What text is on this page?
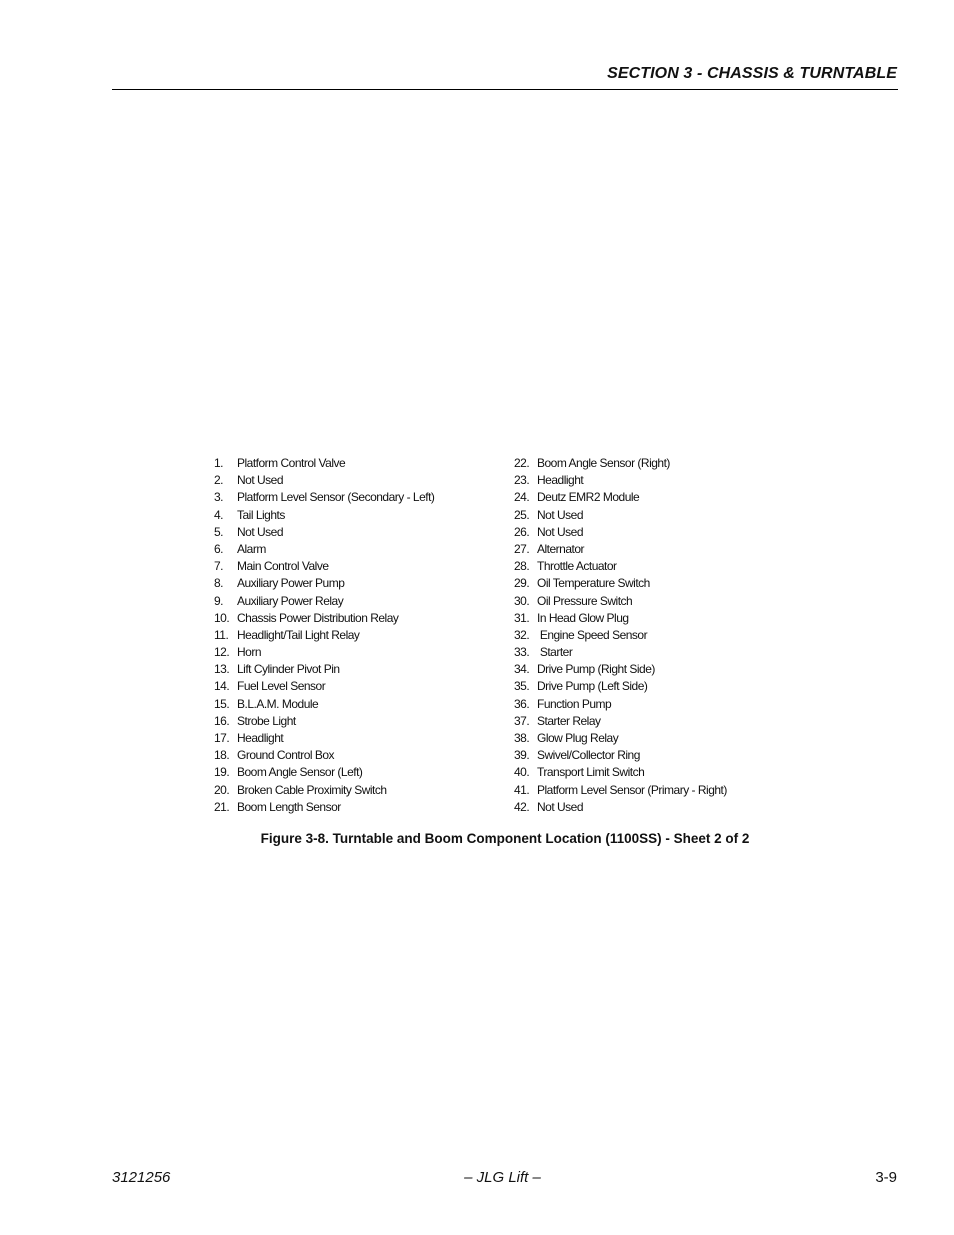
SECTION 3 - CHASSIS & TURNTABLE
1.	Platform Control Valve
2.	Not Used
3.	Platform Level Sensor (Secondary - Left)
4.	Tail Lights
5.	Not Used
6.	Alarm
7.	Main Control Valve
8.	Auxiliary Power Pump
9.	Auxiliary Power Relay
10. Chassis Power Distribution Relay
11. Headlight/Tail Light Relay
12. Horn
13. Lift Cylinder Pivot Pin
14. Fuel Level Sensor
15. B.L.A.M. Module
16. Strobe Light
17. Headlight
18. Ground Control Box
19. Boom Angle Sensor (Left)
20. Broken Cable Proximity Switch
21. Boom Length Sensor
22. Boom Angle Sensor (Right)
23. Headlight
24. Deutz EMR2 Module
25. Not Used
26. Not Used
27. Alternator
28. Throttle Actuator
29. Oil Temperature Switch
30. Oil Pressure Switch
31. In Head Glow Plug
32. Engine Speed Sensor
33. Starter
34. Drive Pump (Right Side)
35. Drive Pump (Left Side)
36. Function Pump
37. Starter Relay
38. Glow Plug Relay
39. Swivel/Collector Ring
40. Transport Limit Switch
41. Platform Level Sensor (Primary - Right)
42. Not Used
Figure 3-8. Turntable and Boom Component Location (1100SS) - Sheet 2 of 2
3121256	– JLG Lift –	3-9
